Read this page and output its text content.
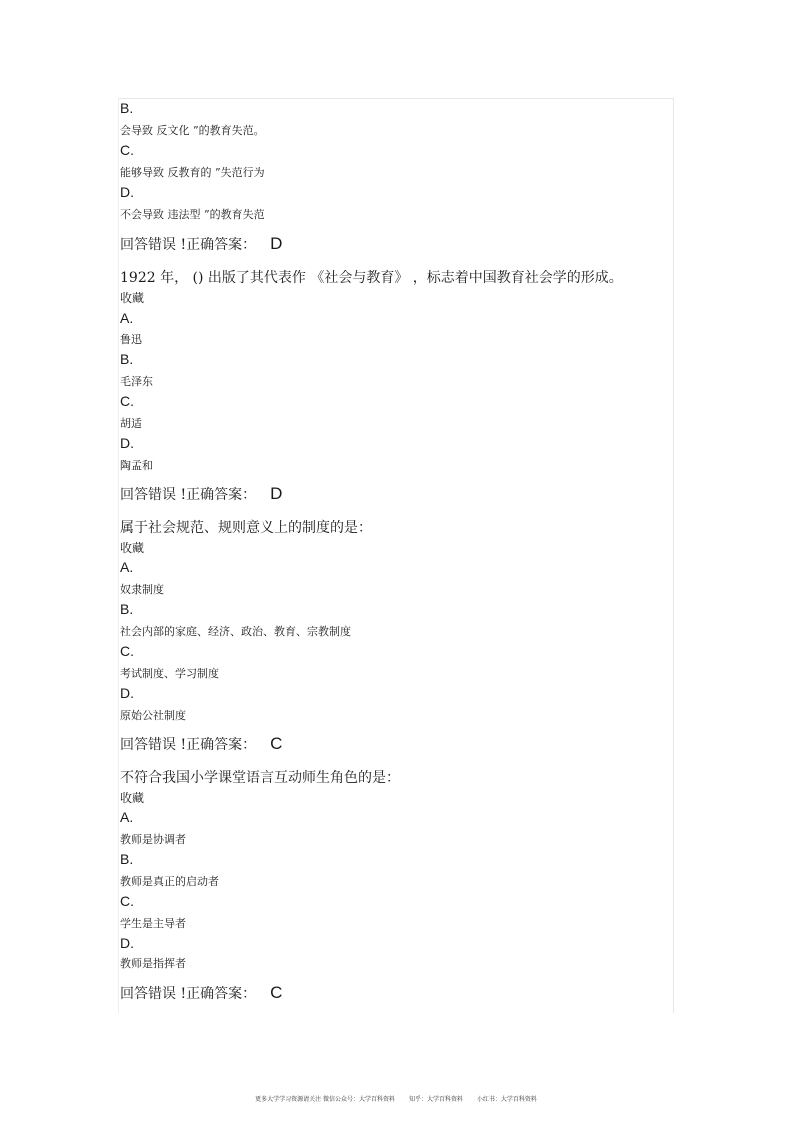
B.
会导致 反文化 ”的教育失范。
C.
能够导致 反教育的 ”失范行为
D.
不会导致 违法型 ”的教育失范
回答错误 !正确答案： D
1922 年， () 出版了其代表作 《社会与教育》 ，标志着中国教育社会学的形成。
收藏
A.
鲁迅
B.
毛泽东
C.
胡适
D.
陶孟和
回答错误 !正确答案： D
属于社会规范、规则意义上的制度的是：
收藏
A.
奴隶制度
B.
社会内部的家庭、经济、政治、教育、宗教制度
C.
考试制度、学习制度
D.
原始公社制度
回答错误 !正确答案： C
不符合我国小学课堂语言互动师生角色的是：
收藏
A.
教师是协调者
B.
教师是真正的启动者
C.
学生是主导者
D.
教师是指挥者
回答错误 !正确答案： C
更多大学学习资源请关注 微信公众号：大学百科资料 知乎：大学百科资料 小红书：大学百科资料
